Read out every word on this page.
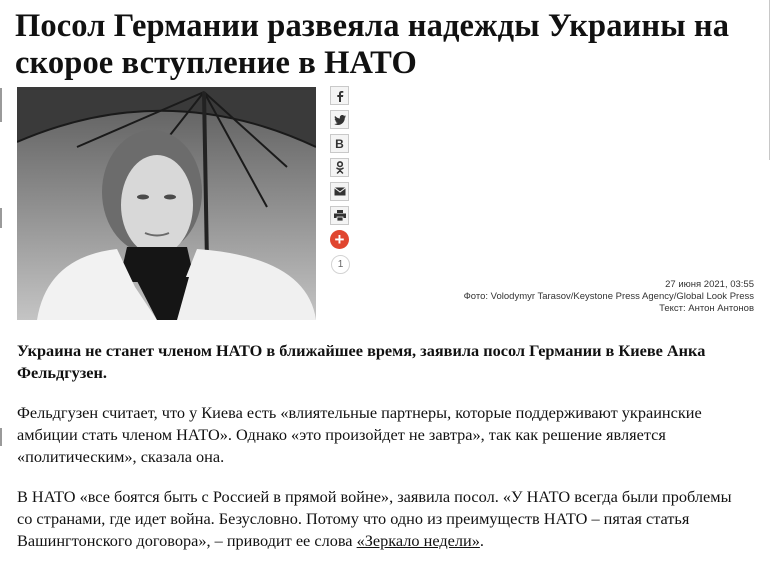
Посол Германии развеяла надежды Украины на скорое вступление в НАТО
B
+
1
27 июня 2021, 03:55
Фото: Volodymyr Tarasov/Keystone Press Agency/Global Look Press
Текст: Антон Антонов

Украина не станет членом НАТО в ближайшее время, заявила посол Германии в Киеве Анка Фельдгузен.

Фельдгузен считает, что у Киева есть «влиятельные партнеры, которые поддерживают украинские амбиции стать членом НАТО». Однако «это произойдет не завтра», так как решение является «политическим», сказала она.

В НАТО «все боятся быть с Россией в прямой войне», заявила посол. «У НАТО всегда были проблемы со странами, где идет война. Безусловно. Потому что одно из преимуществ НАТО – пятая статья Вашингтонского договора», – приводит ее слова «Зеркало недели».
